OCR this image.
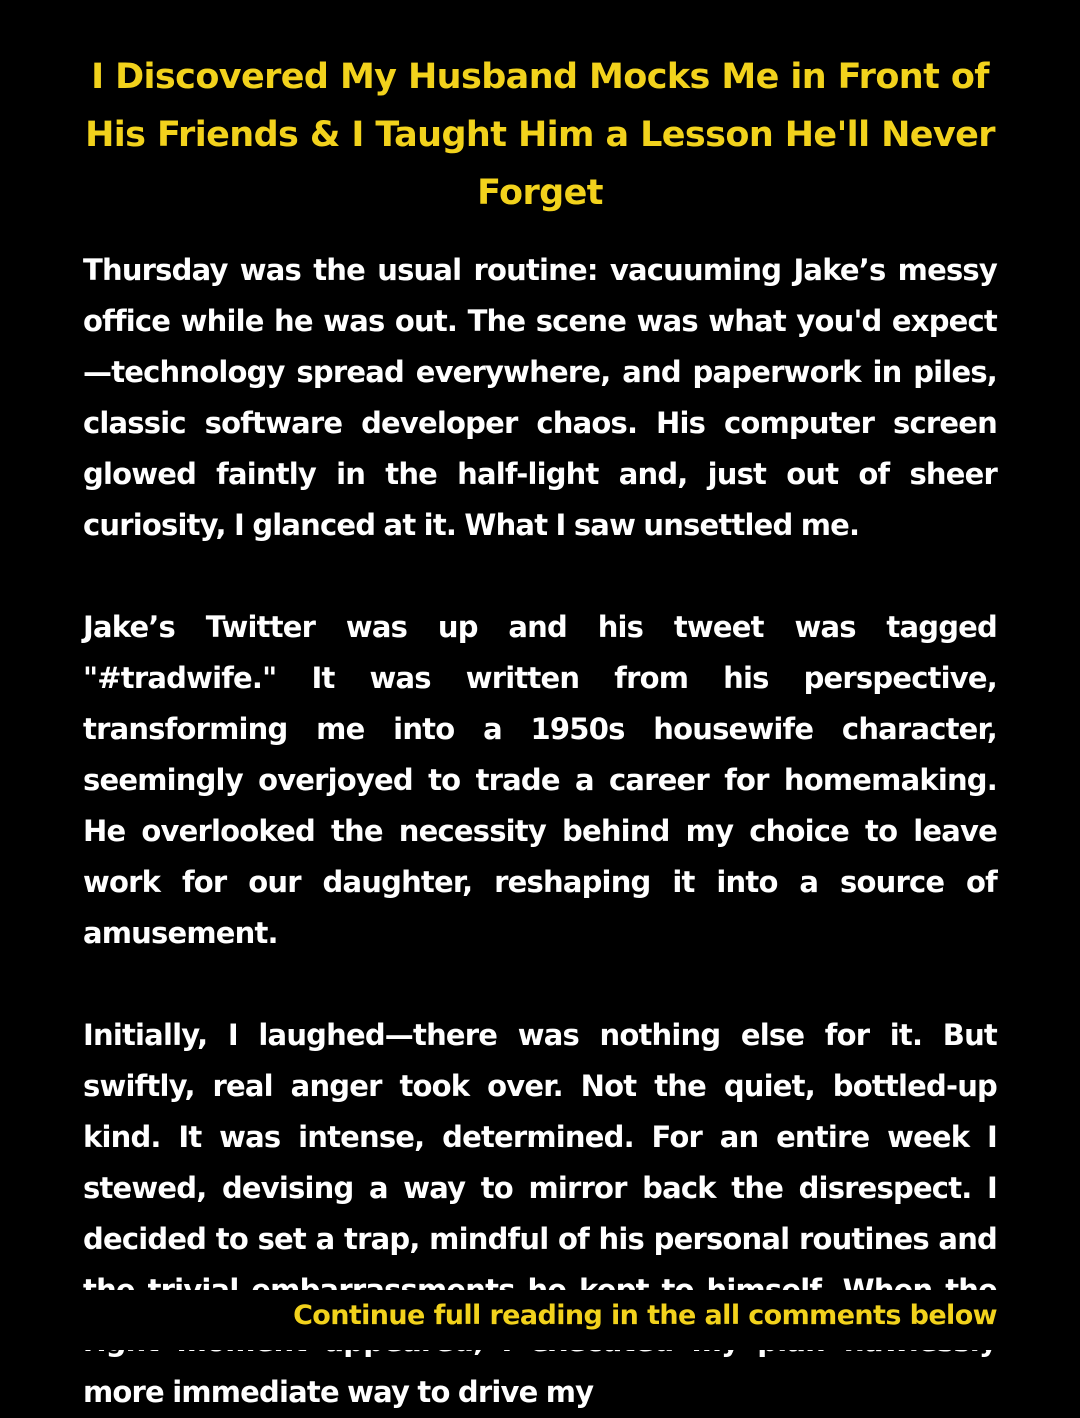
I Discovered My Husband Mocks Me in Front of His Friends & I Taught Him a Lesson He'll Never Forget

Thursday was the usual routine: vacuuming Jake’s messy office while he was out. The scene was what you'd expect—technology spread everywhere, and paperwork in piles, classic software developer chaos. His computer screen glowed faintly in the half-light and, just out of sheer curiosity, I glanced at it. What I saw unsettled me.

Jake’s Twitter was up and his tweet was tagged "#tradwife." It was written from his perspective, transforming me into a 1950s housewife character, seemingly overjoyed to trade a career for homemaking. He overlooked the necessity behind my choice to leave work for our daughter, reshaping it into a source of amusement.

Initially, I laughed—there was nothing else for it. But swiftly, real anger took over. Not the quiet, bottled-up kind. It was intense, determined. For an entire week I stewed, devising a way to mirror back the disrespect. I decided to set a trap, mindful of his personal routines and more immediate way to drive my

Continue full reading in the all comments below
